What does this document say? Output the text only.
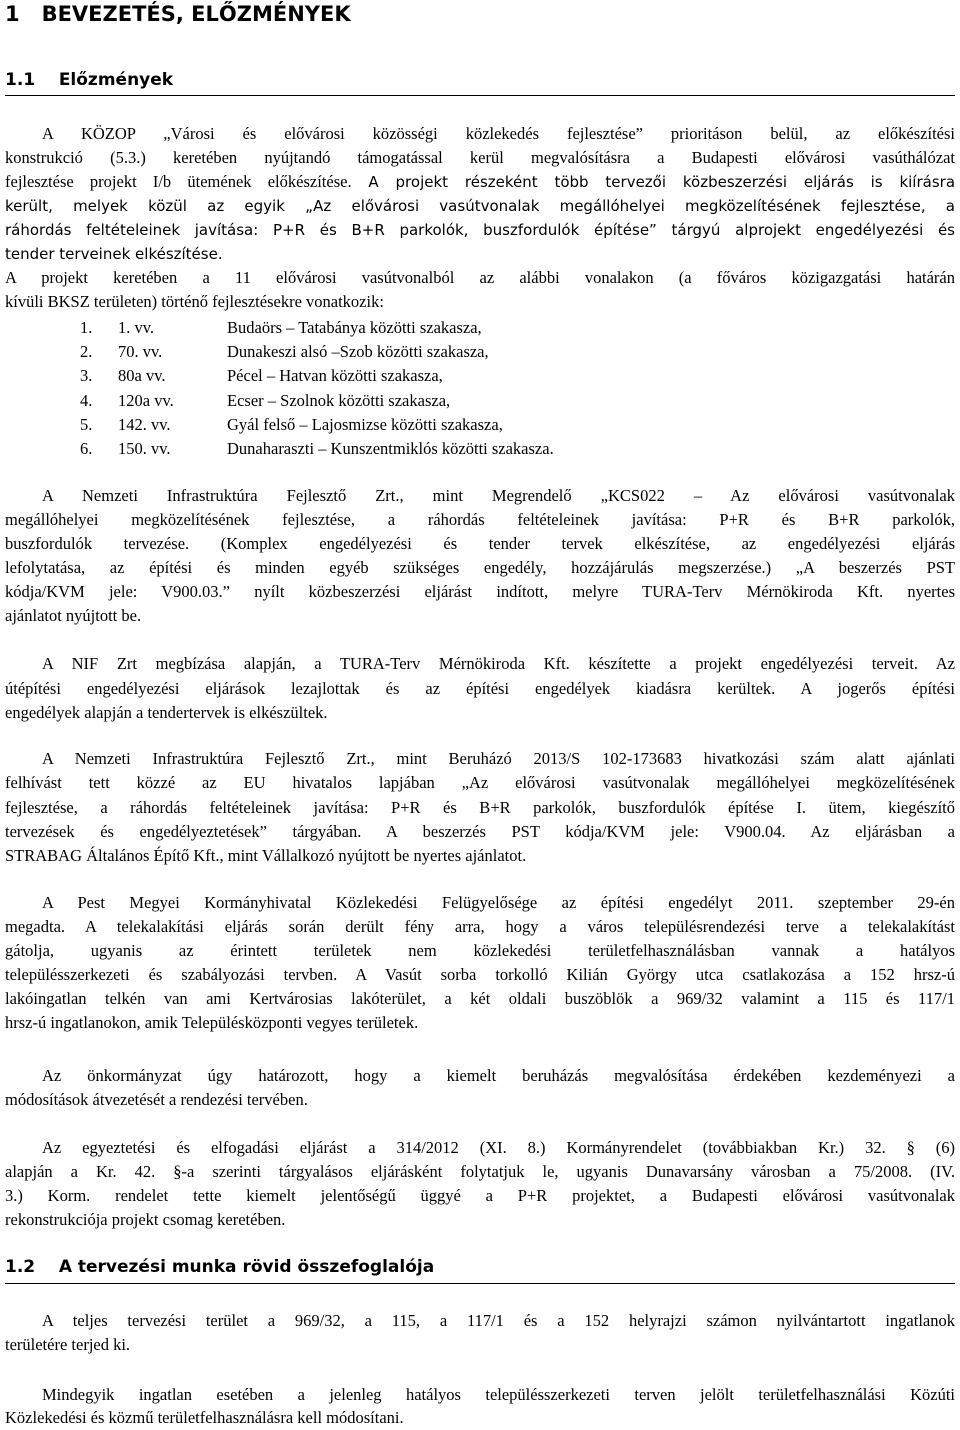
1 BEVEZETÉS, ELŐZMÉNYEK
1.1 Előzmények
A KÖZOP „Városi és elővárosi közösségi közlekedés fejlesztése” prioritáson belül, az előkészítési
konstrukció (5.3.) keretében nyújtandó támogatással kerül megvalósításra a Budapesti elővárosi vasúthálózat
fejlesztése projekt I/b ütemének előkészítése. A projekt részeként több tervezői közbeszerzési eljárás is kiírásra
került, melyek közül az egyik „Az elővárosi vasútvonalak megállóhelyei megközelítésének fejlesztése, a
ráhordás feltételeinek javítása: P+R és B+R parkolók, buszfordulók építése” tárgyú alprojekt engedélyezési és
tender terveinek elkészítése.
A projekt keretében a 11 elővárosi vasútvonalból az alábbi vonalakon (a főváros közigazgatási határán
kívüli BKSZ területen) történő fejlesztésekre vonatkozik:
1. 1. vv.	Budaörs – Tatabánya közötti szakasza,
2. 70. vv.	Dunakeszi alsó –Szob közötti szakasza,
3. 80a vv.	Pécel – Hatvan közötti szakasza,
4. 120a vv.	Ecser – Szolnok közötti szakasza,
5. 142. vv.	Gyál felső – Lajosmizse közötti szakasza,
6. 150. vv.	Dunaharaszti – Kunszentmiklós közötti szakasza.
A Nemzeti Infrastruktúra Fejlesztő Zrt., mint Megrendelő „KCS022 – Az elővárosi vasútvonalak
megállóhelyei megközelítésének fejlesztése, a ráhordás feltételeinek javítása: P+R és B+R parkolók,
buszfordulók tervezése. (Komplex engedélyezési és tender tervek elkészítése, az engedélyezési eljárás
lefolytatása, az építési és minden egyéb szükséges engedély, hozzájárulás megszerzése.) „A beszerzés PST
kódja/KVM jele: V900.03.” nyílt közbeszerzési eljárást indított, melyre TURA-Terv Mérnökiroda Kft. nyertes
ajánlatot nyújtott be.
A NIF Zrt megbízása alapján, a TURA-Terv Mérnökiroda Kft. készítette a projekt engedélyezési terveit. Az
útépítési engedélyezési eljárások lezajlottak és az építési engedélyek kiadásra kerültek. A jogerős építési
engedélyek alapján a tendertervek is elkészültek.
A Nemzeti Infrastruktúra Fejlesztő Zrt., mint Beruházó 2013/S 102-173683 hivatkozási szám alatt ajánlati
felhívást tett közzé az EU hivatalos lapjában „Az elővárosi vasútvonalak megállóhelyei megközelítésének
fejlesztése, a ráhordás feltételeinek javítása: P+R és B+R parkolók, buszfordulók építése I. ütem, kiegészítő
tervezések és engedélyeztetések” tárgyában. A beszerzés PST kódja/KVM jele: V900.04. Az eljárásban a
STRABAG Általános Építő Kft., mint Vállalkozó nyújtott be nyertes ajánlatot.
A Pest Megyei Kormányhivatal Közlekedési Felügyelősége az építési engedélyt 2011. szeptember 29-én
megadta. A telekalakítási eljárás során derült fény arra, hogy a város településrendezési terve a telekalakítást
gátolja, ugyanis az érintett területek nem közlekedési területfelhasználásban vannak a hatályos
településszerkezeti és szabályozási tervben. A Vasút sorba torkolló Kilián György utca csatlakozása a 152 hrsz-ú
lakóingatlan telkén van ami Kertvárosias lakóterület, a két oldali buszöblök a 969/32 valamint a 115 és 117/1
hrsz-ú ingatlanokon, amik Településközponti vegyes területek.
Az önkormányzat úgy határozott, hogy a kiemelt beruházás megvalósítása érdekében kezdeményezi a
módosítások átvezetését a rendezési tervében.
Az egyeztetési és elfogadási eljárást a 314/2012 (XI. 8.) Kormányrendelet (továbbiakban Kr.) 32. § (6)
alapján a Kr. 42. §-a szerinti tárgyalásos eljárásként folytatjuk le, ugyanis Dunavarsány városban a 75/2008. (IV.
3.) Korm. rendelet tette kiemelt jelentőségű üggyé a P+R projektet, a Budapesti elővárosi vasútvonalak
rekonstrukciója projekt csomag keretében.
1.2 A tervezési munka rövid összefoglalója
A teljes tervezési terület a 969/32, a 115, a 117/1 és a 152 helyrajzi számon nyilvántartott ingatlanok
területére terjed ki.
Mindegyik ingatlan esetében a jelenleg hatályos településszerkezeti terven jelölt területfelhasználási Közúti
Közlekedési és közmű területfelhasználásra kell módosítani.
